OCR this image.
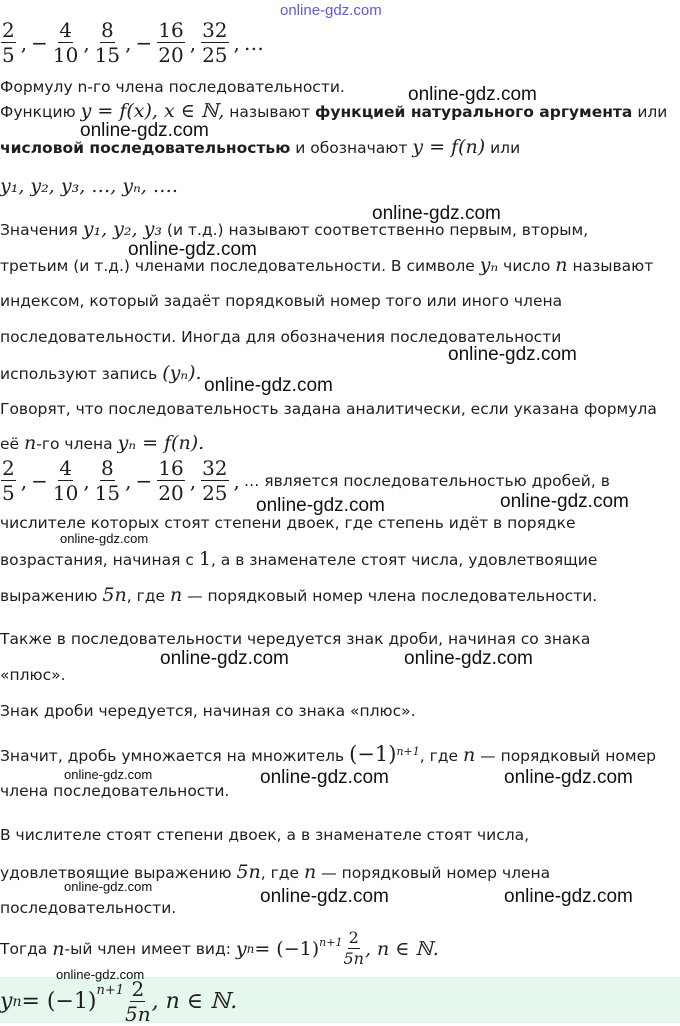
online-gdz.com
$\frac{2}{5}$ , − $\frac{4}{10}$ , $\frac{8}{15}$ , − $\frac{16}{20}$ , $\frac{32}{25}$ , …
Формулу n-го члена последовательности.
Функцию y = f(x), x ∈ ℕ, называют функцией натурального аргумента или
числовой последовательностью и обозначают y = f(n) или
y₁, y₂, y₃, …, yₙ, ….
Значения y₁, y₂, y₃ (и т.д.) называют соответственно первым, вторым,
третьим (и т.д.) членами последовательности. В символе yₙ число n называют
индексом, который задаёт порядковый номер того или иного члена
последовательности. Иногда для обозначения последовательности
используют запись (yₙ).
Говорят, что последовательность задана аналитически, если указана формула
её n-го члена yₙ = f(n).
$\frac{2}{5}$ , − $\frac{4}{10}$ , $\frac{8}{15}$ , − $\frac{16}{20}$ , $\frac{32}{25}$ , … является последовательностью дробей, в
числителе которых стоят степени двоек, где степень идёт в порядке
возрастания, начиная с 1, а в знаменателе стоят числа, удовлетвоящие
выражению 5n, где n — порядковый номер члена последовательности.
Также в последовательности чередуется знак дроби, начиная со знака
«плюс».
Знак дроби чередуется, начиная со знака «плюс».
Значит, дробь умножается на множитель $(-1)^{n+1}$, где n — порядковый номер
члена последовательности.
В числителе стоят степени двоек, а в знаменателе стоят числа,
удовлетвоящие выражению 5n, где n — порядковый номер члена
последовательности.
Тогда
n -ый член имеет вид:
y n = (−1) $n+1 \frac{2}{5n}$ , n ∈ ℕ.
y n = (−1) $n+1 \frac{2}{5n}$ , n ∈ ℕ.
online-gdz.com
online-gdz.com
online-gdz.com
online-gdz.com
online-gdz.com
online-gdz.com
online-gdz.com	online-gdz.com
online-gdz.com
online-gdz.com	online-gdz.com
online-gdz.com	online-gdz.com	online-gdz.com
online-gdz.com	online-gdz.com	online-gdz.com
online-gdz.com
